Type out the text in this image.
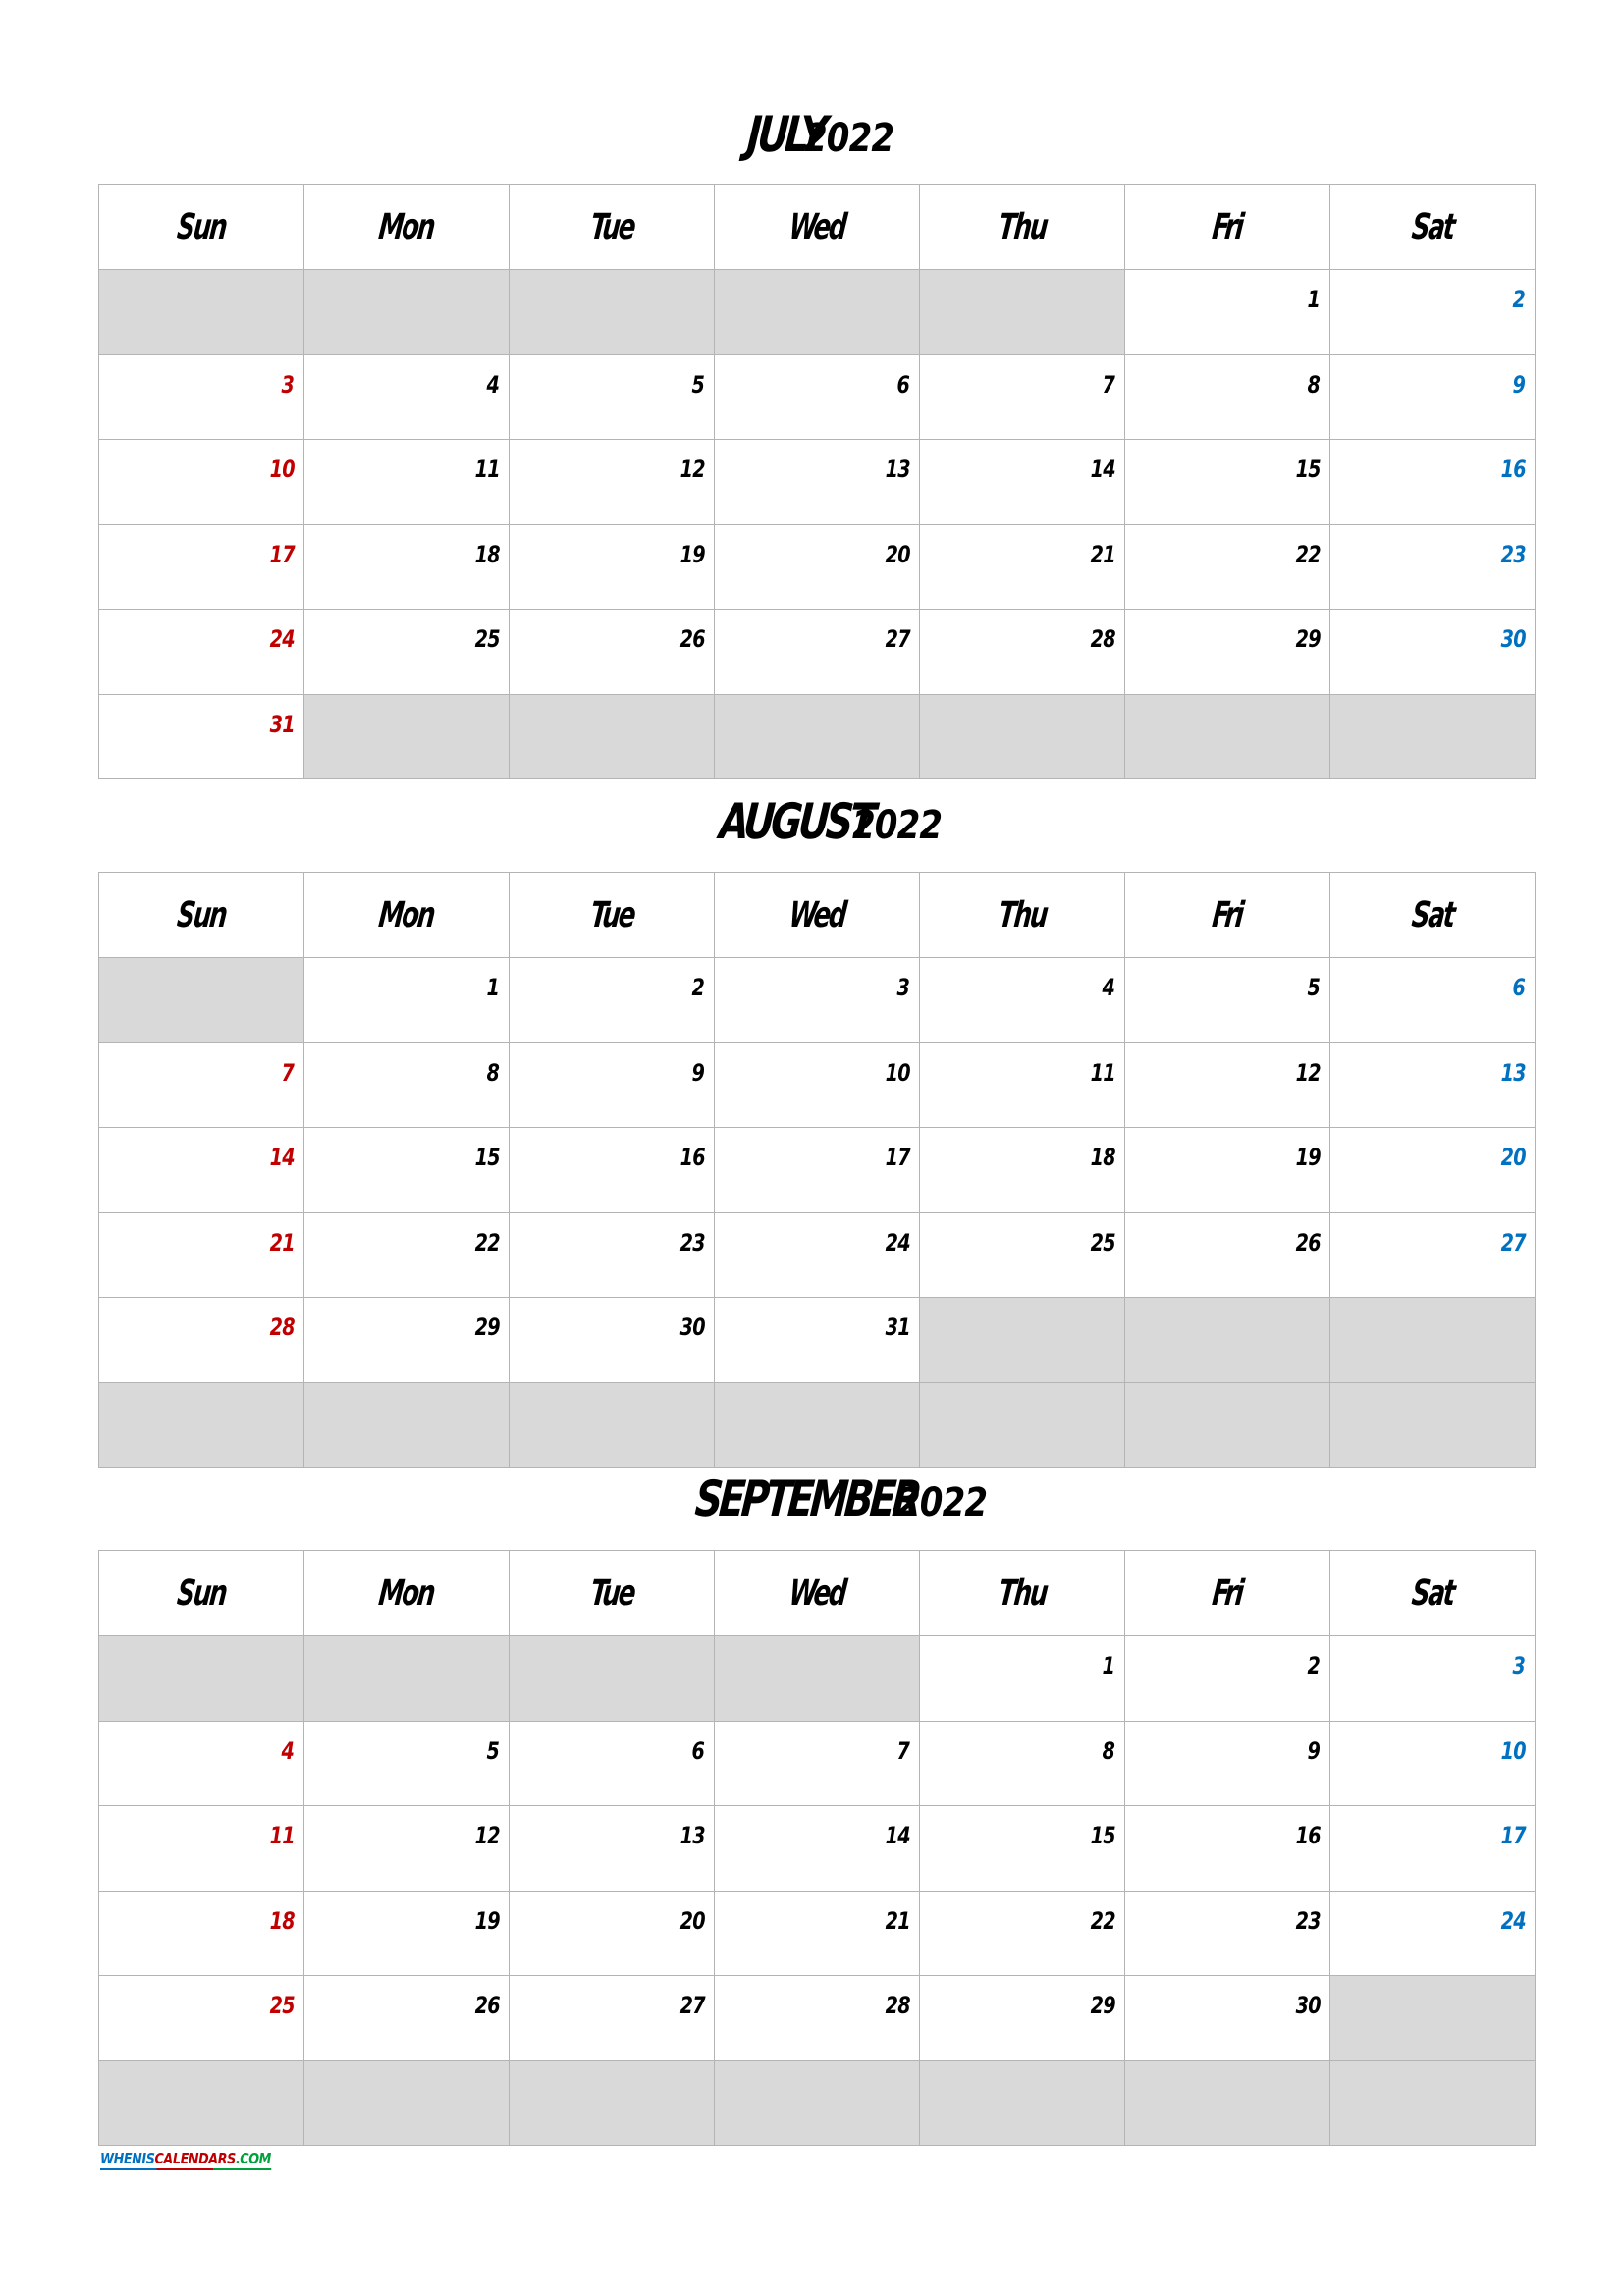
JULY2022
Sun	Mon	Tue	Wed	Thu	Fri	Sat
					1	2
3	4	5	6	7	8	9
10	11	12	13	14	15	16
17	18	19	20	21	22	23
24	25	26	27	28	29	30
31						
AUGUST2022
Sun	Mon	Tue	Wed	Thu	Fri	Sat
	1	2	3	4	5	6
7	8	9	10	11	12	13
14	15	16	17	18	19	20
21	22	23	24	25	26	27
28	29	30	31			

SEPTEMBER2022
Sun	Mon	Tue	Wed	Thu	Fri	Sat
				1	2	3
4	5	6	7	8	9	10
11	12	13	14	15	16	17
18	19	20	21	22	23	24
25	26	27	28	29	30	

WHENISCALENDARS.COM
